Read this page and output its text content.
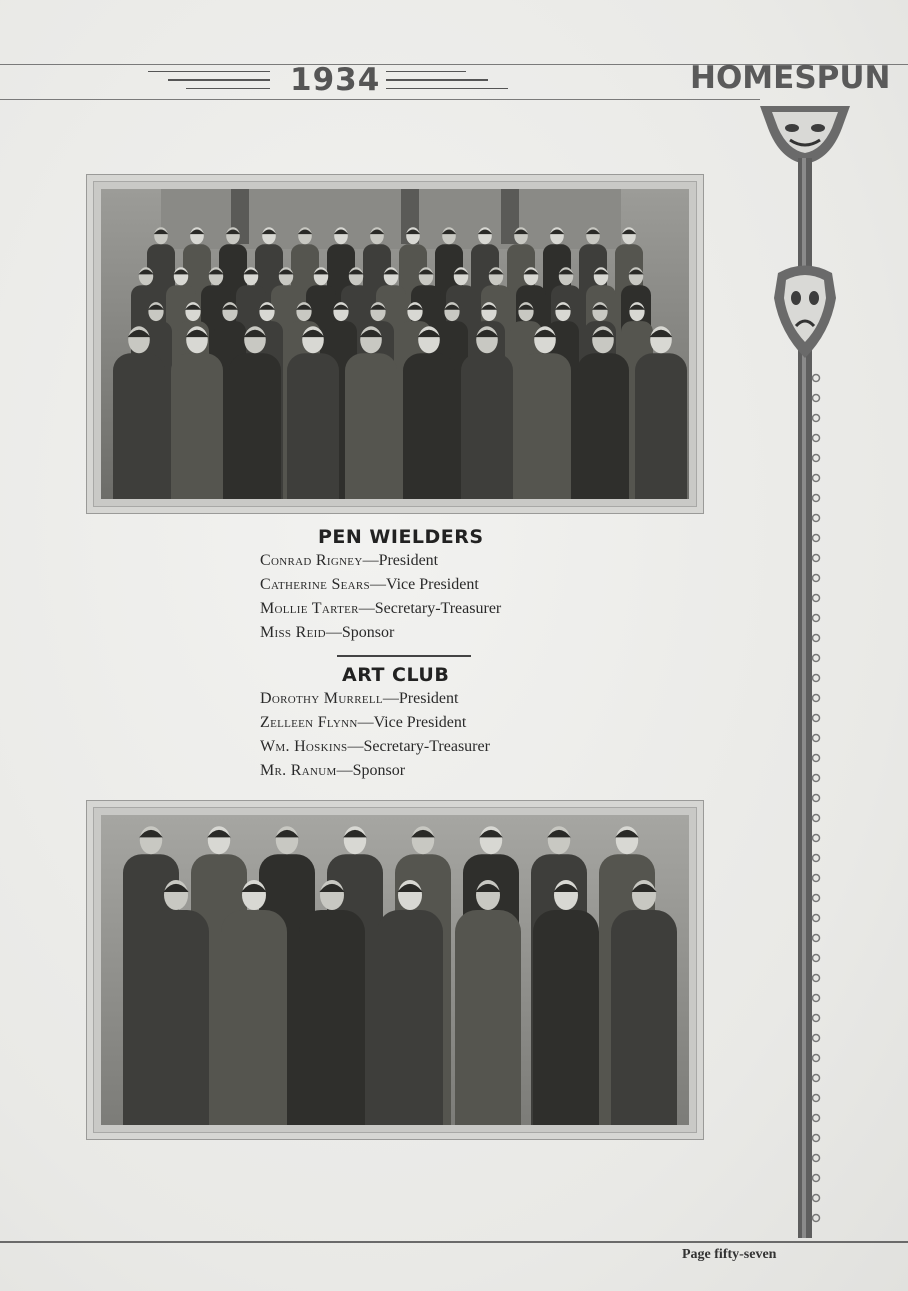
1934	HOMESPUN
PEN WIELDERS
Conrad Rigney—President
Catherine Sears—Vice President
Mollie Tarter—Secretary-Treasurer
Miss Reid—Sponsor
ART CLUB
Dorothy Murrell—President
Zelleen Flynn—Vice President
Wm. Hoskins—Secretary-Treasurer
Mr. Ranum—Sponsor
Page fifty-seven
